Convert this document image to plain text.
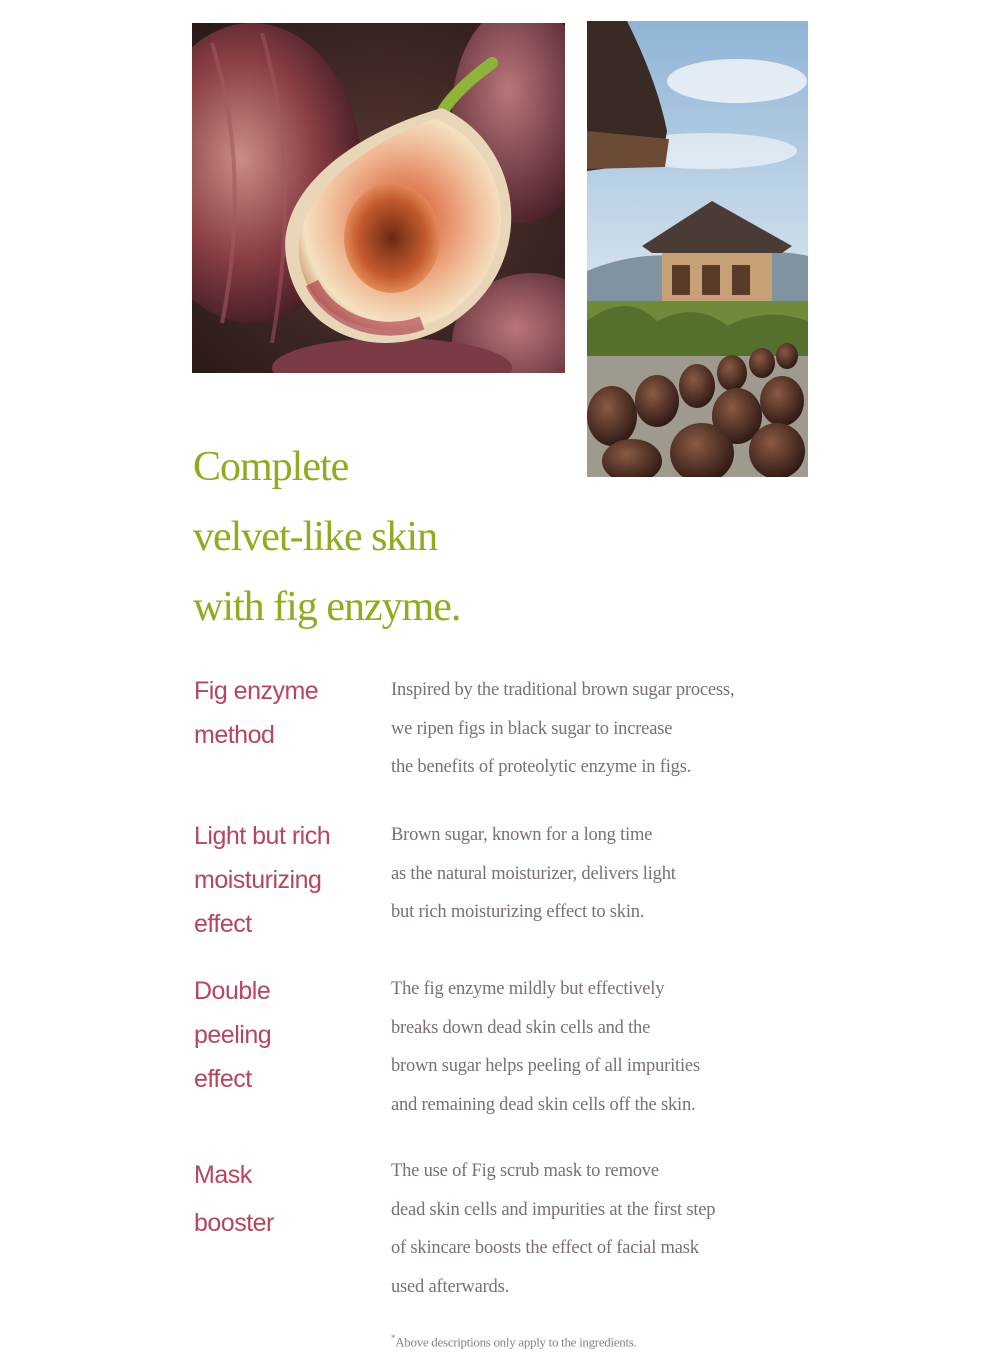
Complete
velvet-like skin
with fig enzyme.
Fig enzyme
method
Inspired by the traditional brown sugar process,
we ripen figs in black sugar to increase
the benefits of proteolytic enzyme in figs.
Light but rich
moisturizing
effect
Brown sugar, known for a long time
as the natural moisturizer, delivers light
but rich moisturizing effect to skin.
Double
peeling
effect
The fig enzyme mildly but effectively
breaks down dead skin cells and the
brown sugar helps peeling of all impurities
and remaining dead skin cells off the skin.
Mask
booster
The use of Fig scrub mask to remove
dead skin cells and impurities at the first step
of skincare boosts the effect of facial mask
used afterwards.
*Above descriptions only apply to the ingredients.
